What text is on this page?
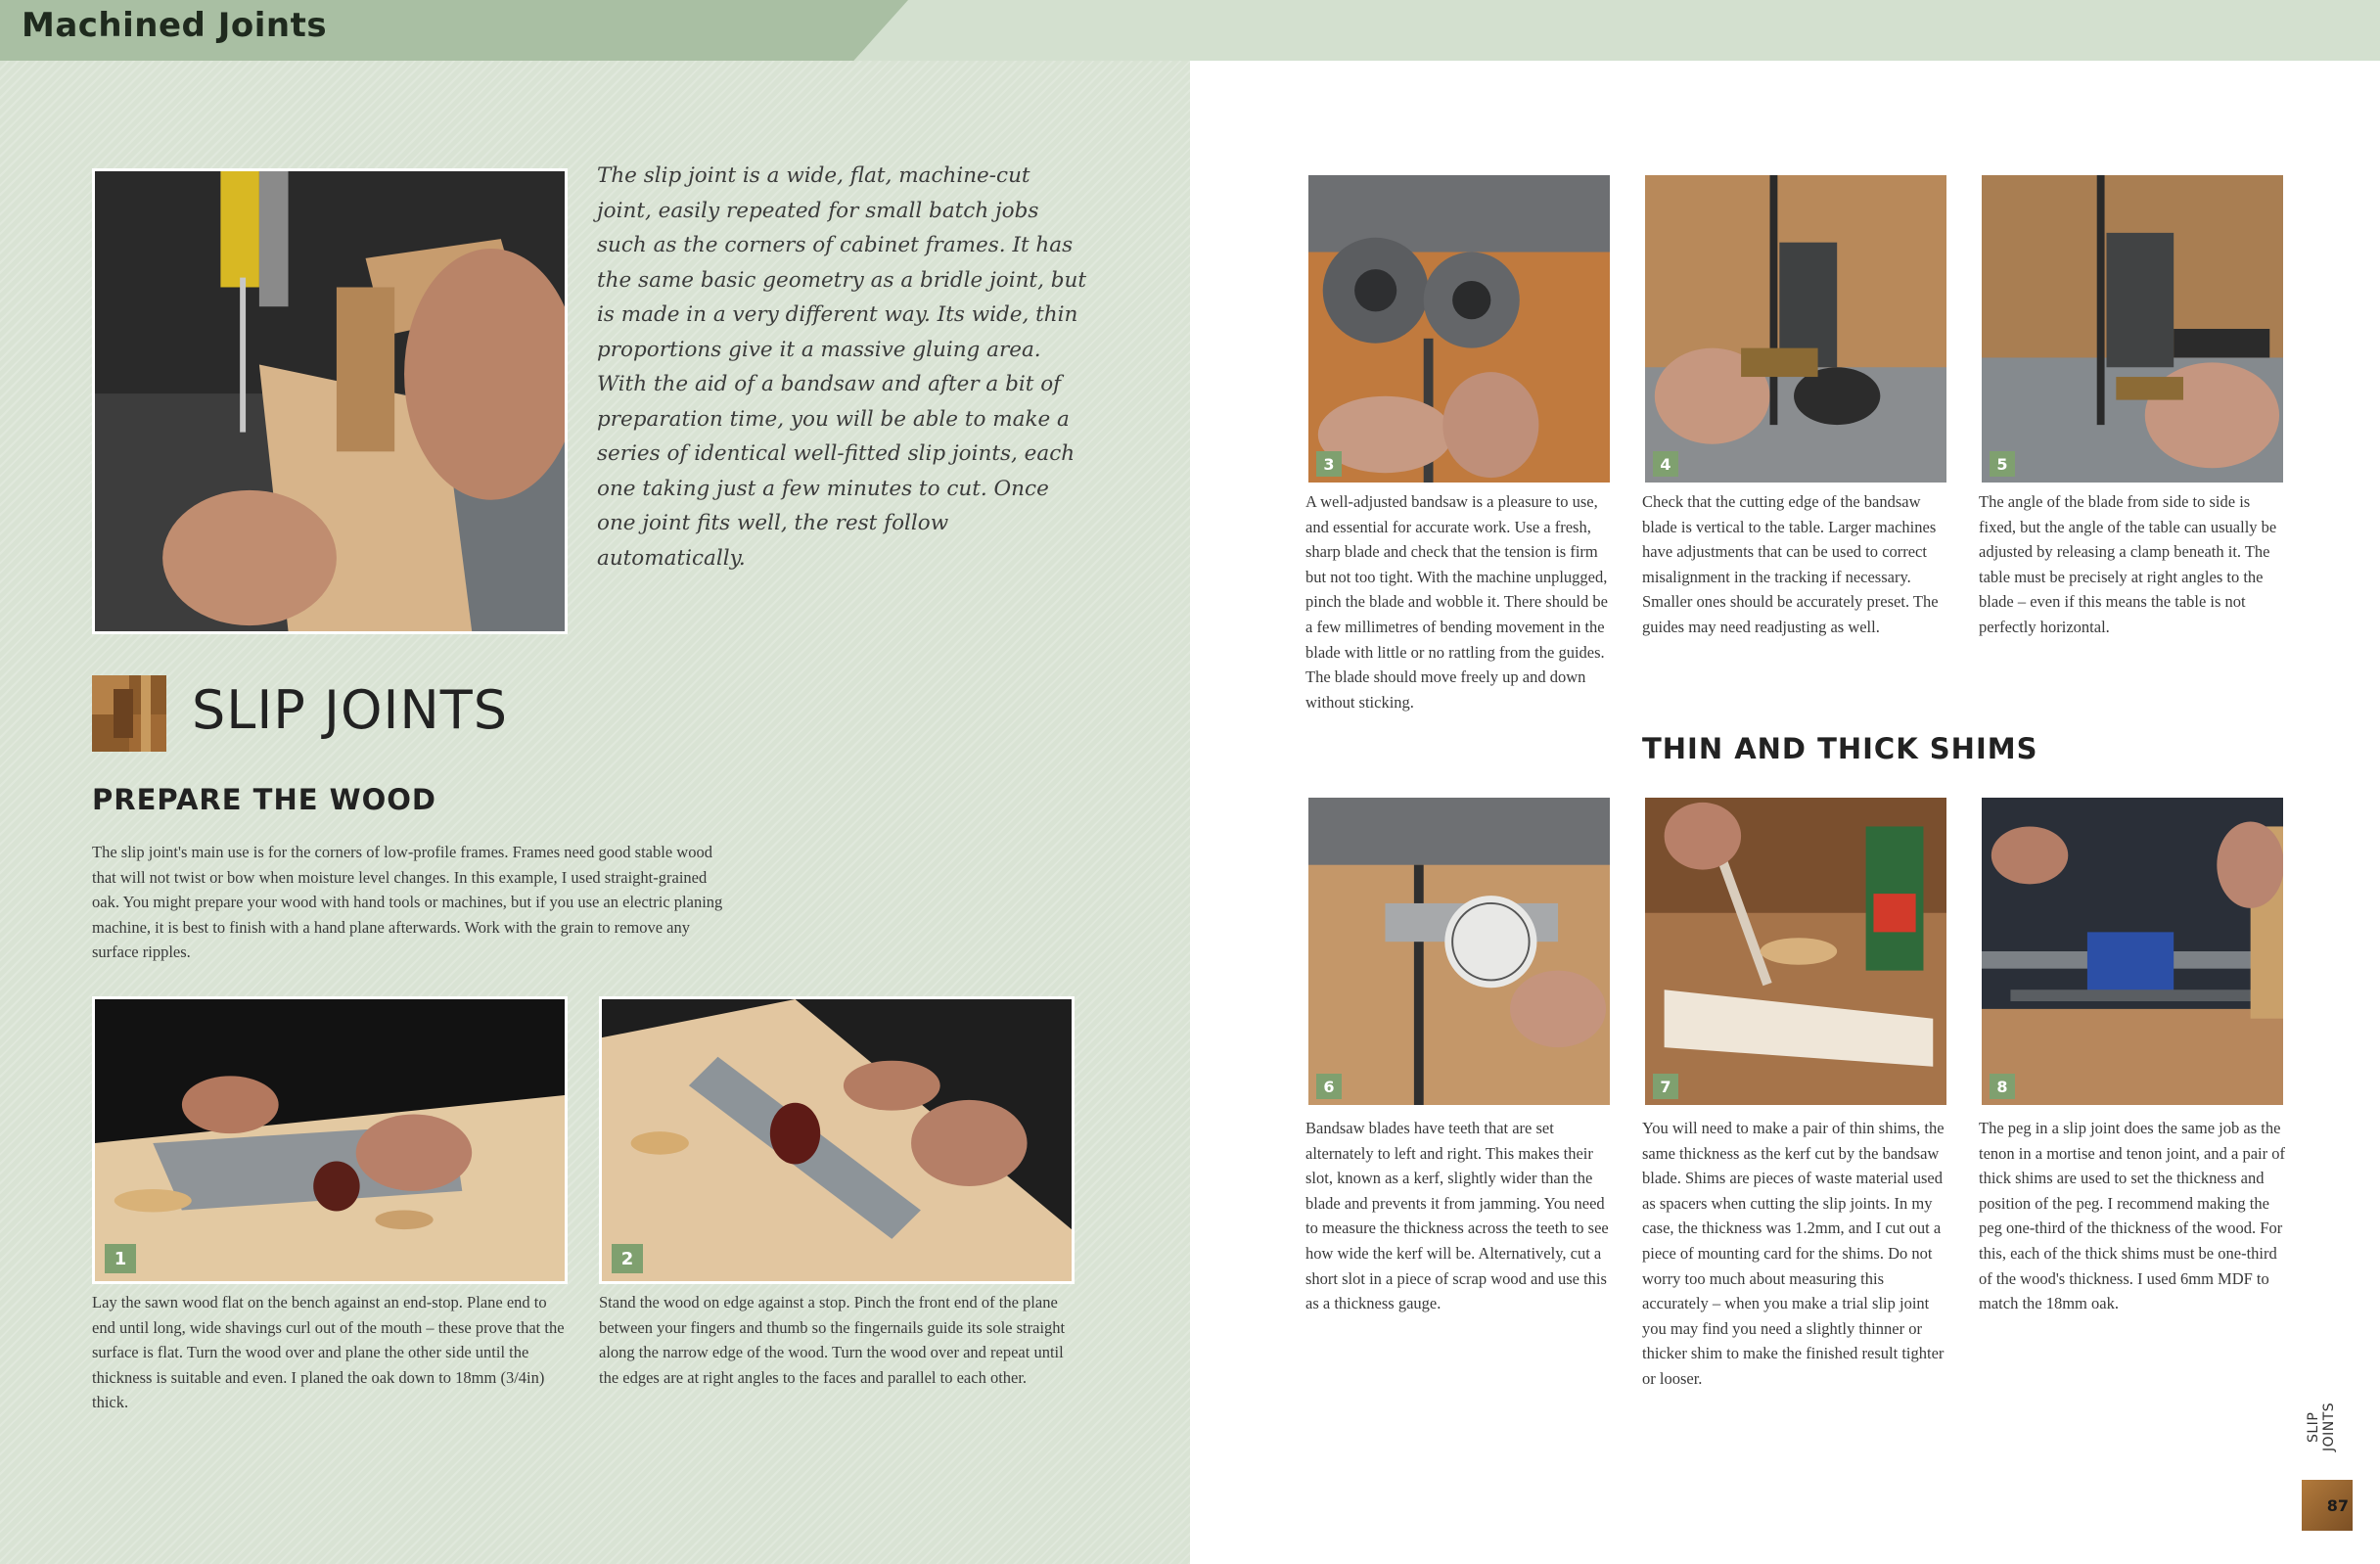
Machined Joints
The slip joint is a wide, flat, machine-cut joint, easily repeated for small batch jobs such as the corners of cabinet frames. It has the same basic geometry as a bridle joint, but is made in a very different way. Its wide, thin proportions give it a massive gluing area. With the aid of a bandsaw and after a bit of preparation time, you will be able to make a series of identical well-fitted slip joints, each one taking just a few minutes to cut. Once one joint fits well, the rest follow automatically.
SLIP JOINTS
PREPARE THE WOOD
The slip joint's main use is for the corners of low-profile frames. Frames need good stable wood that will not twist or bow when moisture level changes. In this example, I used straight-grained oak. You might prepare your wood with hand tools or machines, but if you use an electric planing machine, it is best to finish with a hand plane afterwards. Work with the grain to remove any surface ripples.
1
Lay the sawn wood flat on the bench against an end-stop. Plane end to end until long, wide shavings curl out of the mouth – these prove that the surface is flat. Turn the wood over and plane the other side until the thickness is suitable and even. I planed the oak down to 18mm (3/4in) thick.
2
Stand the wood on edge against a stop. Pinch the front end of the plane between your fingers and thumb so the fingernails guide its sole straight along the narrow edge of the wood. Turn the wood over and repeat until the edges are at right angles to the faces and parallel to each other.
3
A well-adjusted bandsaw is a pleasure to use, and essential for accurate work. Use a fresh, sharp blade and check that the tension is firm but not too tight. With the machine unplugged, pinch the blade and wobble it. There should be a few millimetres of bending movement in the blade with little or no rattling from the guides. The blade should move freely up and down without sticking.
4
Check that the cutting edge of the bandsaw blade is vertical to the table. Larger machines have adjustments that can be used to correct misalignment in the tracking if necessary. Smaller ones should be accurately preset. The guides may need readjusting as well.
5
The angle of the blade from side to side is fixed, but the angle of the table can usually be adjusted by releasing a clamp beneath it. The table must be precisely at right angles to the blade – even if this means the table is not perfectly horizontal.
THIN AND THICK SHIMS
6
Bandsaw blades have teeth that are set alternately to left and right. This makes their slot, known as a kerf, slightly wider than the blade and prevents it from jamming. You need to measure the thickness across the teeth to see how wide the kerf will be. Alternatively, cut a short slot in a piece of scrap wood and use this as a thickness gauge.
7
You will need to make a pair of thin shims, the same thickness as the kerf cut by the bandsaw blade. Shims are pieces of waste material used as spacers when cutting the slip joints. In my case, the thickness was 1.2mm, and I cut out a piece of mounting card for the shims. Do not worry too much about measuring this accurately – when you make a trial slip joint you may find you need a slightly thinner or thicker shim to make the finished result tighter or looser.
8
The peg in a slip joint does the same job as the tenon in a mortise and tenon joint, and a pair of thick shims are used to set the thickness and position of the peg. I recommend making the peg one-third of the thickness of the wood. For this, each of the thick shims must be one-third of the wood's thickness. I used 6mm MDF to match the 18mm oak.
SLIP JOINTS
87
